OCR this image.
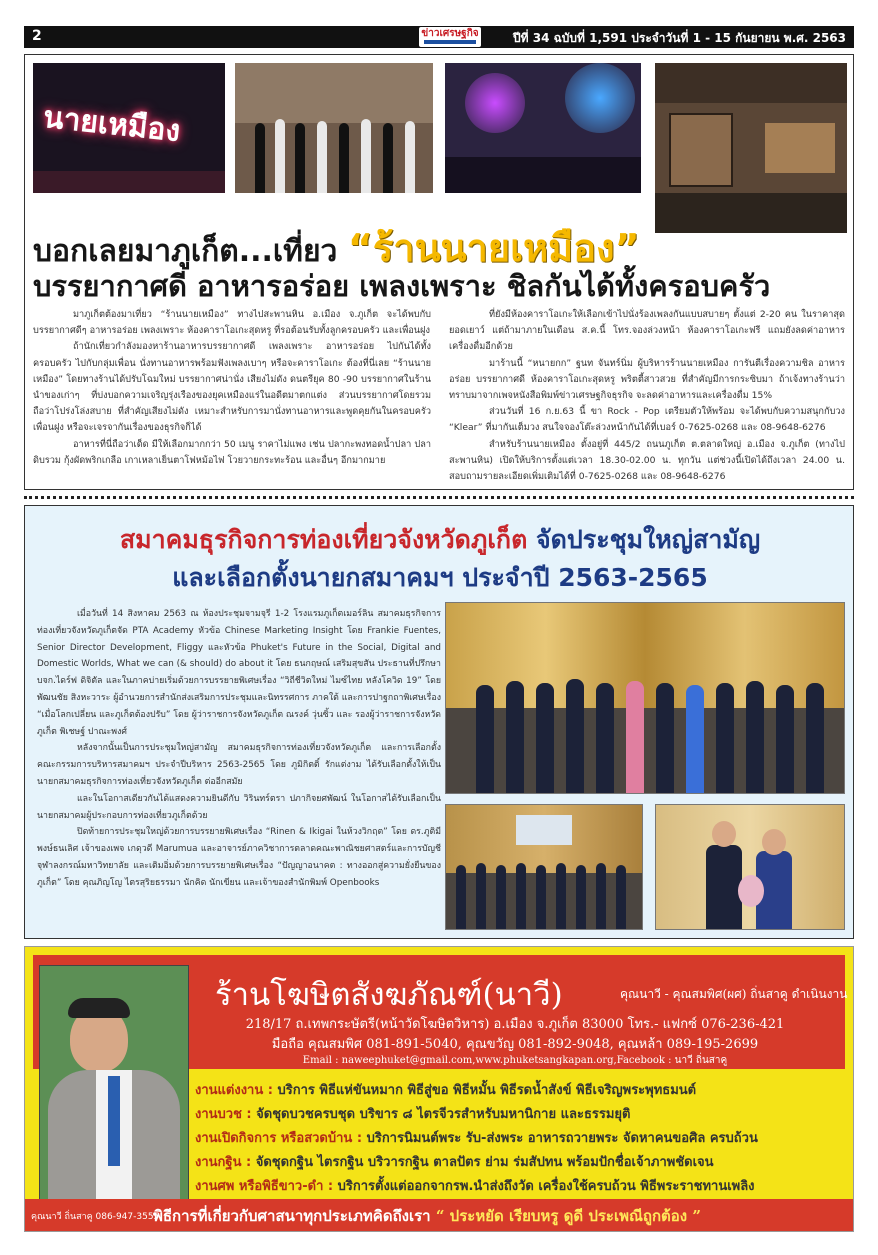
2	ข่าวเศรษฐกิจ	ปีที่ 34 ฉบับที่ 1,591 ประจำวันที่ 1 - 15 กันยายน พ.ศ. 2563
นายเหมือง
บอกเลยมาภูเก็ต...เที่ยว “ร้านนายเหมือง”
บรรยากาศดี อาหารอร่อย เพลงเพราะ ชิลกันได้ทั้งครอบครัว

มาภูเก็ตต้องมาเที่ยว “ร้านนายเหมือง” ทางไปสะพานหิน อ.เมือง จ.ภูเก็ต จะได้พบกับบรรยากาศดีๆ อาหารอร่อย เพลงเพราะ ห้องคาราโอเกะสุดหรู ที่รอต้อนรับทั้งลูกครอบครัว และเพื่อนฝูง

ถ้านักเที่ยวกำลังมองหาร้านอาหารบรรยากาศดี เพลงเพราะ อาหารอร่อย ไปกันได้ทั้งครอบครัว ไปกับกลุ่มเพื่อน นั่งทานอาหารพร้อมฟังเพลงเบาๆ หรือจะคาราโอเกะ ต้องที่นี่เลย “ร้านนายเหมือง” โดยทางร้านได้ปรับโฉมใหม่ บรรยากาศน่านั่ง เสียงไม่ดัง ดนตรียุค 80 -90 บรรยากาศในร้านนำของเก่าๆ ที่บ่งบอกความเจริญรุ่งเรืองของยุคเหมืองแร่ในอดีตมาตกแต่ง ส่วนบรรยากาศโดยรวมถือว่าโปร่งโล่งสบาย ที่สำคัญเสียงไม่ดัง เหมาะสำหรับการมานั่งทานอาหารและพูดคุยกันในครอบครัว เพื่อนฝูง หรือจะเจรจากันเรื่องของธุรกิจก็ได้

อาหารที่นี่ถือว่าเด็ด มีให้เลือกมากกว่า 50 เมนู ราคาไม่แพง เช่น ปลากะพงทอดน้ำปลา ปลาดิบรวม กุ้งผัดพริกเกลือ เกาเหลาเย็นตาโฟหม้อไฟ โวยวายกระทะร้อน และอื่นๆ อีกมากมาย

ที่ยังมีห้องคาราโอเกะให้เลือกเข้าไปนั่งร้องเพลงกันแบบสบายๆ ตั้งแต่ 2-20 คน ในราคาสุดยอดเยาว์ แต่ถ้ามาภายในเดือน ส.ค.นี้ โทร.จองล่วงหน้า ห้องคาราโอเกะฟรี แถมยังลดค่าอาหารเครื่องดื่มอีกด้วย

มาร้านนี้ “หนายกก” ฐนท จันทร์นิ่ม ผู้บริหารร้านนายเหมือง การันตีเรื่องความชิล อาหารอร่อย บรรยากาศดี ห้องคาราโอเกะสุดหรู พริตตี้สาวสวย ที่สำคัญมีการกระซิบมา ถ้าเจ้งทางร้านว่าทราบมาจากเพจหนังสือพิมพ์ข่าวเศรษฐกิจธุรกิจ จะลดค่าอาหารและเครื่องดื่ม 15%

ส่วนวันที่ 16 ก.ย.63 นี้ ขา Rock - Pop เตรียมตัวให้พร้อม จะได้พบกับความสนุกกับวง “Klear” ที่มากันเต็มวง สนใจจองโต๊ะล่วงหน้ากันได้ที่เบอร์ 0-7625-0268 และ 08-9648-6276

สำหรับร้านนายเหมือง ตั้งอยู่ที่ 445/2 ถนนภูเก็ต ต.ตลาดใหญ่ อ.เมือง จ.ภูเก็ต (ทางไปสะพานหิน) เปิดให้บริการตั้งแต่เวลา 18.30-02.00 น. ทุกวัน แต่ช่วงนี้เปิดได้ถึงเวลา 24.00 น. สอบถามรายละเอียดเพิ่มเติมได้ที่ 0-7625-0268 และ 08-9648-6276

สมาคมธุรกิจการท่องเที่ยวจังหวัดภูเก็ต จัดประชุมใหญ่สามัญ
และเลือกตั้งนายกสมาคมฯ ประจำปี 2563-2565

เมื่อวันที่ 14 สิงหาคม 2563 ณ ห้องประชุมจามจุรี 1-2 โรงแรมภูเก็ตเมอร์ลิน สมาคมธุรกิจการท่องเที่ยวจังหวัดภูเก็ตจัด PTA Academy หัวข้อ Chinese Marketing Insight โดย Frankie Fuentes, Senior Director Development, Fliggy และหัวข้อ Phuket's Future in the Social, Digital and Domestic Worlds, What we can (& should) do about it โดย ธนกฤษณ์ เสริมสุขสัน ประธานที่ปรึกษา บจก.ไดร์ฟ ดิจิตัล และในภาคบ่ายเริ่มด้วยการบรรยายพิเศษเรื่อง “วิถีชีวิตใหม่ ไมซ์ไทย หลังโควิด 19” โดย พัฒนชัย สิงหะวาระ ผู้อำนวยการสำนักส่งเสริมการประชุมและนิทรรศการ ภาคใต้ และการปาฐกถาพิเศษเรื่อง “เมื่อโลกเปลี่ยน และภูเก็ตต้องปรับ” โดย ผู้ว่าราชการจังหวัดภูเก็ต ณรงค์ วุ่นซิ้ว และ รองผู้ว่าราชการจังหวัดภูเก็ต พิเชษฐ์ ปาณะพงศ์

หลังจากนั้นเป็นการประชุมใหญ่สามัญ สมาคมธุรกิจการท่องเที่ยวจังหวัดภูเก็ต และการเลือกตั้งคณะกรรมการบริหารสมาคมฯ ประจำปีบริหาร 2563-2565 โดย ภูมิกิตติ์ รักแต่งาม ได้รับเลือกตั้งให้เป็นนายกสมาคมธุรกิจการท่องเที่ยวจังหวัดภูเก็ต ต่ออีกสมัย

และในโอกาสเดียวกันได้แสดงความยินดีกับ วิรินทร์ตรา ปภากิจยศพัฒน์ ในโอกาสได้รับเลือกเป็น นายกสมาคมผู้ประกอบการท่องเที่ยวภูเก็ตด้วย

ปิดท้ายการประชุมใหญ่ด้วยการบรรยายพิเศษเรื่อง “Rinen & Ikigai ในห้วงวิกฤต” โดย ดร.ภูติมี พงษ์ธนเลิศ เจ้าของเพจ เกดุวดี Marumua และอาจารย์ภาควิชาการตลาดคณะพาณิชยศาสตร์และการบัญชี จุฬาลงกรณ์มหาวิทยาลัย และเติมอิ่มด้วยการบรรยายพิเศษเรื่อง “ปัญญาอนาคต : ทางออกสู่ความยั่งยืนของภูเก็ต” โดย คุณภิญโญ ไตรสุริยธรรมา นักคิด นักเขียน และเจ้าของสำนักพิมพ์ Openbooks

ร้านโฆษิตสังฆภัณฑ์(นาวี)	คุณนาวี - คุณสมพิศ(ผศ) ถิ่นสาคู ดำเนินงาน
218/17 ถ.เทพกระษัตรี(หน้าวัดโฆษิตวิหาร) อ.เมือง จ.ภูเก็ต 83000 โทร.- แฟกซ์ 076-236-421
มือถือ คุณสมพิศ 081-891-5040, คุณขวัญ 081-892-9048, คุณหล้า 089-195-2699
Email : naweephuket@gmail.com,www.phuketsangkapan.org,Facebook : นาวี ถิ่นสาคู
งานแต่งงาน : บริการ พิธีแห่ขันหมาก พิธีสู่ขอ พิธีหมั้น พิธีรดน้ำสังข์ พิธีเจริญพระพุทธมนต์
งานบวช : จัดชุดบวชครบชุด บริขาร ๘ ไตรจีวรสำหรับมหานิกาย และธรรมยุติ
งานเปิดกิจการ หรือสวดบ้าน : บริการนิมนต์พระ รับ-ส่งพระ อาหารถวายพระ จัดหาคนขอศิล ครบถ้วน
งานกฐิน : จัดชุดกฐิน ไตรกฐิน บริวารกฐิน ตาลปัตร ย่าม ร่มสัปทน พร้อมปักชื่อเจ้าภาพชัดเจน
งานศพ หรือพิธีขาว-ดำ : บริการตั้งแต่ออกจากรพ.นำส่งถึงวัด เครื่องใช้ครบถ้วน พิธีพระราชทานเพลิง
คุณนาวี ถิ่นสาคู 086-947-3555
พิธีการที่เกี่ยวกับศาสนาทุกประเภทคิดถึงเรา “ ประหยัด เรียบหรู ดูดี ประเพณีถูกต้อง ”
